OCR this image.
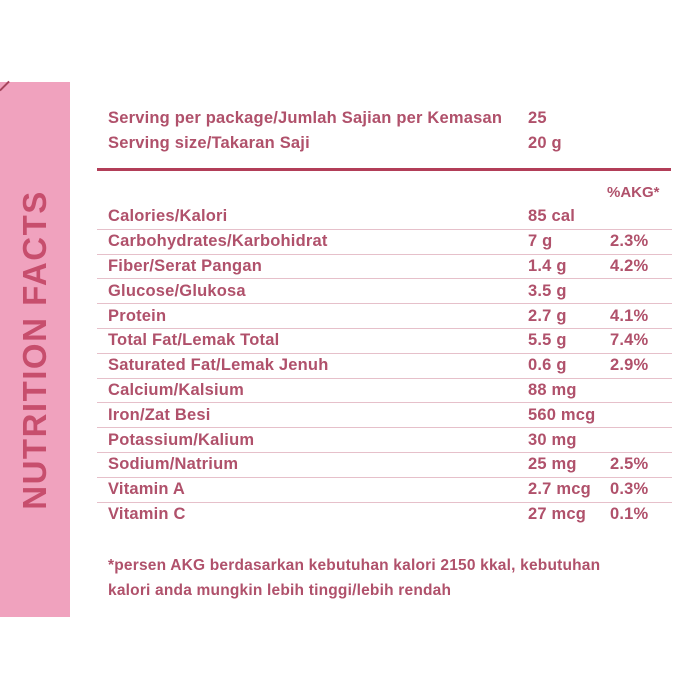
NUTRITION FACTS
Serving per package/Jumlah Sajian per Kemasan	25
Serving size/Takaran Saji	20 g
%AKG*
Calories/Kalori	85 cal
Carbohydrates/Karbohidrat	7 g	2.3%
Fiber/Serat Pangan	1.4 g	4.2%
Glucose/Glukosa	3.5 g
Protein	2.7 g	4.1%
Total Fat/Lemak Total	5.5 g	7.4%
Saturated Fat/Lemak Jenuh	0.6 g	2.9%
Calcium/Kalsium	88 mg
Iron/Zat Besi	560 mcg
Potassium/Kalium	30 mg
Sodium/Natrium	25 mg	2.5%
Vitamin A	2.7 mcg	0.3%
Vitamin C	27 mcg	0.1%
*persen AKG berdasarkan kebutuhan kalori 2150 kkal, kebutuhan
kalori anda mungkin lebih tinggi/lebih rendah
